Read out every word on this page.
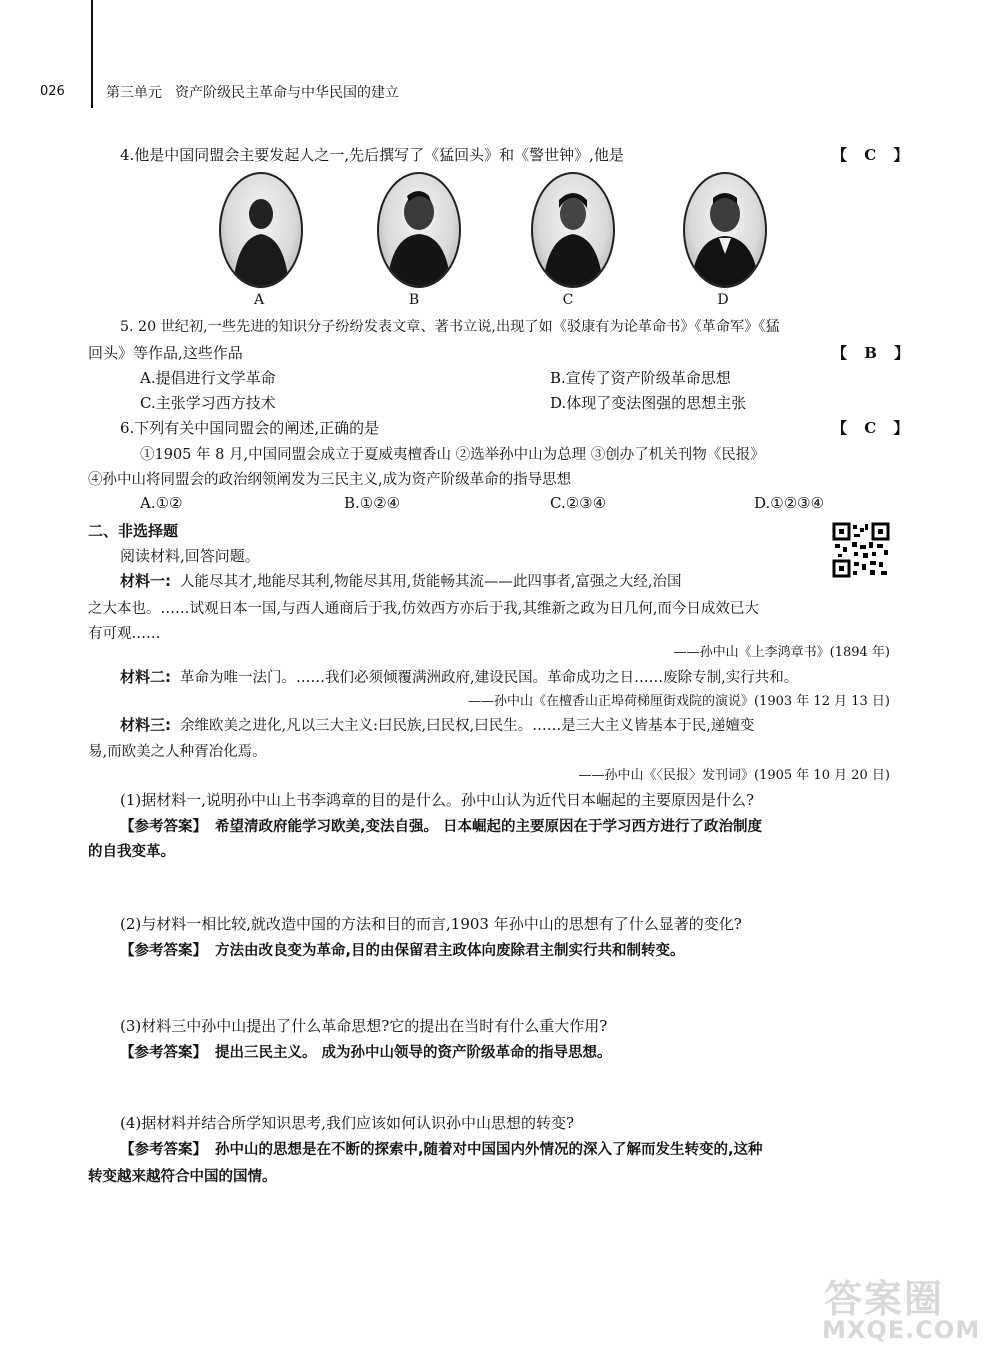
026	第三单元 资产阶级民主革命与中华民国的建立
4.他是中国同盟会主要发起人之一,先后撰写了《猛回头》和《警世钟》,他是	【 C 】
A	B	C	D
5. 20 世纪初,一些先进的知识分子纷纷发表文章、著书立说,出现了如《驳康有为论革命书》《革命军》《猛
回头》等作品,这些作品	【 B 】
A.提倡进行文学革命	B.宣传了资产阶级革命思想
C.主张学习西方技术	D.体现了变法图强的思想主张
6.下列有关中国同盟会的阐述,正确的是	【 C 】
①1905 年 8 月,中国同盟会成立于夏威夷檀香山 ②选举孙中山为总理 ③创办了机关刊物《民报》
④孙中山将同盟会的政治纲领阐发为三民主义,成为资产阶级革命的指导思想
A.①②	B.①②④	C.②③④	D.①②③④
二、非选择题
阅读材料,回答问题。
材料一: 人能尽其才,地能尽其利,物能尽其用,货能畅其流——此四事者,富强之大经,治国
之大本也。……试观日本一国,与西人通商后于我,仿效西方亦后于我,其维新之政为日几何,而今日成效已大
有可观……
——孙中山《上李鸿章书》(1894 年)
材料二: 革命为唯一法门。……我们必须倾覆满洲政府,建设民国。革命成功之日……废除专制,实行共和。
——孙中山《在檀香山正埠荷梯厘街戏院的演说》(1903 年 12 月 13 日)
材料三: 余维欧美之进化,凡以三大主义:曰民族,曰民权,曰民生。……是三大主义皆基本于民,递嬗变
易,而欧美之人种胥冶化焉。
——孙中山《〈民报〉发刊词》(1905 年 10 月 20 日)
(1)据材料一,说明孙中山上书李鸿章的目的是什么。孙中山认为近代日本崛起的主要原因是什么?
【参考答案】 希望清政府能学习欧美,变法自强。 日本崛起的主要原因在于学习西方进行了政治制度
的自我变革。
(2)与材料一相比较,就改造中国的方法和目的而言,1903 年孙中山的思想有了什么显著的变化?
【参考答案】 方法由改良变为革命,目的由保留君主政体向废除君主制实行共和制转变。
(3)材料三中孙中山提出了什么革命思想?它的提出在当时有什么重大作用?
【参考答案】 提出三民主义。 成为孙中山领导的资产阶级革命的指导思想。
(4)据材料并结合所学知识思考,我们应该如何认识孙中山思想的转变?
【参考答案】 孙中山的思想是在不断的探索中,随着对中国国内外情况的深入了解而发生转变的,这种
转变越来越符合中国的国情。
答案圈
MXQE.COM
